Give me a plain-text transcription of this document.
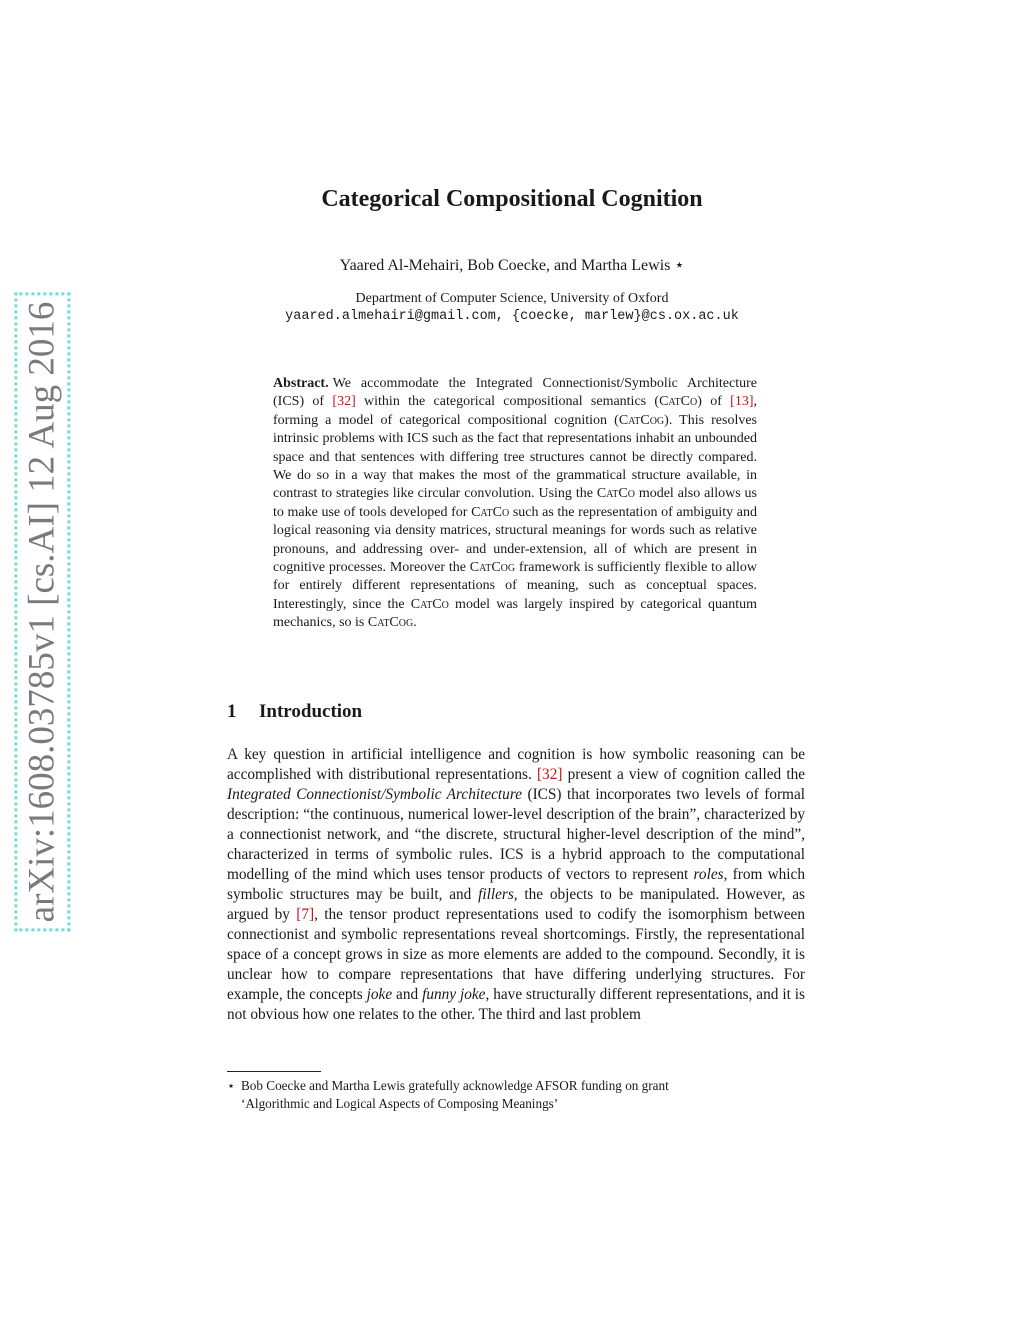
arXiv:1608.03785v1 [cs.AI] 12 Aug 2016
Categorical Compositional Cognition
Yaared Al-Mehairi, Bob Coecke, and Martha Lewis ⋆
Department of Computer Science, University of Oxford
yaared.almehairi@gmail.com, {coecke, marlew}@cs.ox.ac.uk
Abstract. We accommodate the Integrated Connectionist/Symbolic Architecture (ICS) of [32] within the categorical compositional semantics (CatCo) of [13], forming a model of categorical compositional cognition (CatCog). This resolves intrinsic problems with ICS such as the fact that representations inhabit an unbounded space and that sentences with differing tree structures cannot be directly compared. We do so in a way that makes the most of the grammatical structure available, in contrast to strategies like circular convolution. Using the CatCo model also allows us to make use of tools developed for CatCo such as the representation of ambiguity and logical reasoning via density matrices, structural meanings for words such as relative pronouns, and addressing over- and under-extension, all of which are present in cognitive processes. Moreover the CatCog framework is sufficiently flexible to allow for entirely different representations of meaning, such as conceptual spaces. Interestingly, since the CatCo model was largely inspired by categorical quantum mechanics, so is CatCog.
1 Introduction
A key question in artificial intelligence and cognition is how symbolic reasoning can be accomplished with distributional representations. [32] present a view of cognition called the Integrated Connectionist/Symbolic Architecture (ICS) that incorporates two levels of formal description: “the continuous, numerical lower-level description of the brain”, characterized by a connectionist network, and “the discrete, structural higher-level description of the mind”, characterized in terms of symbolic rules. ICS is a hybrid approach to the computational modelling of the mind which uses tensor products of vectors to represent roles, from which symbolic structures may be built, and fillers, the objects to be manipulated. However, as argued by [7], the tensor product representations used to codify the isomorphism between connectionist and symbolic representations reveal shortcomings. Firstly, the representational space of a concept grows in size as more elements are added to the compound. Secondly, it is unclear how to compare representations that have differing underlying structures. For example, the concepts joke and funny joke, have structurally different representations, and it is not obvious how one relates to the other. The third and last problem
⋆ Bob Coecke and Martha Lewis gratefully acknowledge AFSOR funding on grant
‘Algorithmic and Logical Aspects of Composing Meanings’
